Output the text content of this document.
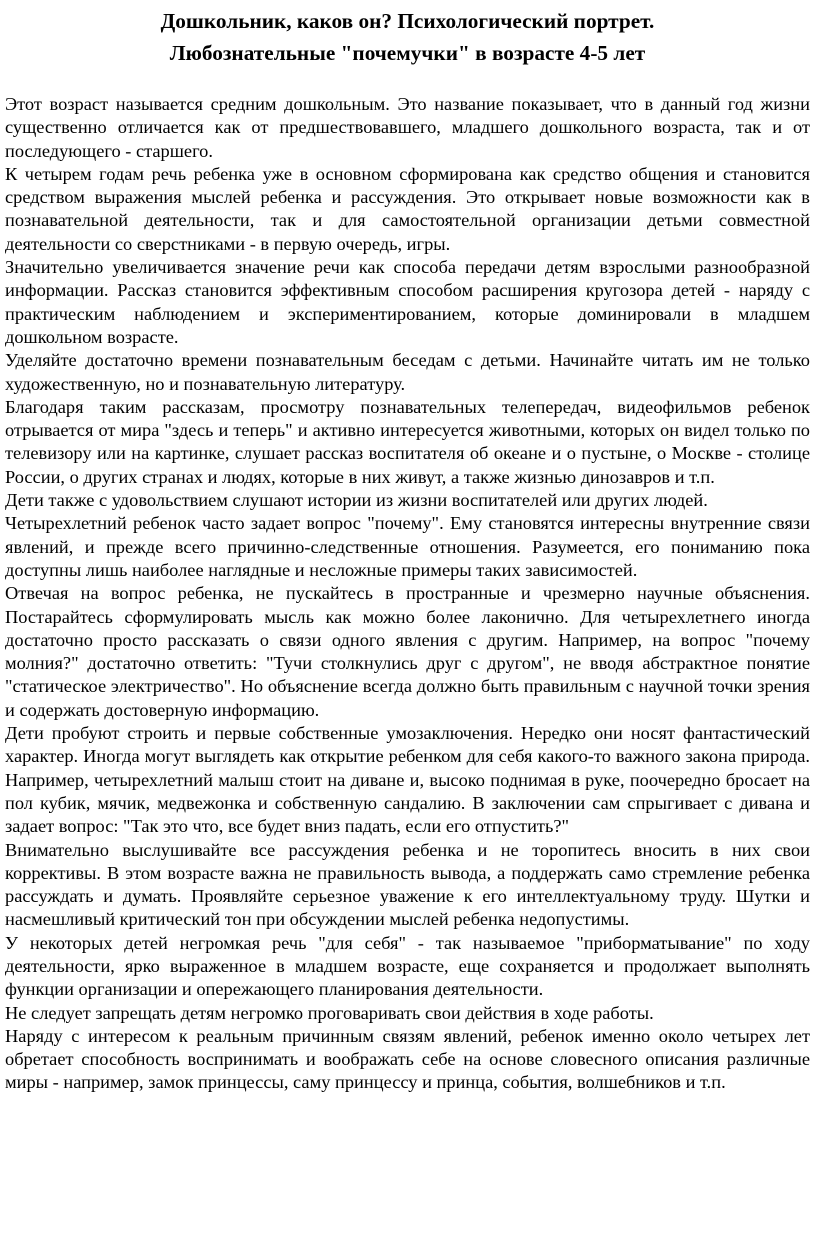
Дошкольник, каков он? Психологический портрет.
Любознательные "почемучки" в возрасте 4-5 лет

Этот возраст называется средним дошкольным. Это название показывает, что в данный год жизни существенно отличается как от предшествовавшего, младшего дошкольного возраста, так и от последующего - старшего.

К четырем годам речь ребенка уже в основном сформирована как средство общения и становится средством выражения мыслей ребенка и рассуждения. Это открывает новые возможности как в познавательной деятельности, так и для самостоятельной организации детьми совместной деятельности со сверстниками - в первую очередь, игры.

Значительно увеличивается значение речи как способа передачи детям взрослыми разнообразной информации. Рассказ становится эффективным способом расширения кругозора детей - наряду с практическим наблюдением и экспериментированием, которые доминировали в младшем дошкольном возрасте.

Уделяйте достаточно времени познавательным беседам с детьми. Начинайте читать им не только художественную, но и познавательную литературу.

Благодаря таким рассказам, просмотру познавательных телепередач, видеофильмов ребенок отрывается от мира "здесь и теперь" и активно интересуется животными, которых он видел только по телевизору или на картинке, слушает рассказ воспитателя об океане и о пустыне, о Москве - столице России, о других странах и людях, которые в них живут, а также жизнью динозавров и т.п.

Дети также с удовольствием слушают истории из жизни воспитателей или других людей.

Четырехлетний ребенок часто задает вопрос "почему". Ему становятся интересны внутренние связи явлений, и прежде всего причинно-следственные отношения. Разумеется, его пониманию пока доступны лишь наиболее наглядные и несложные примеры таких зависимостей.

Отвечая на вопрос ребенка, не пускайтесь в пространные и чрезмерно научные объяснения. Постарайтесь сформулировать мысль как можно более лаконично. Для четырехлетнего иногда достаточно просто рассказать о связи одного явления с другим. Например, на вопрос "почему молния?" достаточно ответить: "Тучи столкнулись друг с другом", не вводя абстрактное понятие "статическое электричество". Но объяснение всегда должно быть правильным с научной точки зрения и содержать достоверную информацию.

Дети пробуют строить и первые собственные умозаключения. Нередко они носят фантастический характер. Иногда могут выглядеть как открытие ребенком для себя какого-то важного закона природа. Например, четырехлетний малыш стоит на диване и, высоко поднимая в руке, поочередно бросает на пол кубик, мячик, медвежонка и собственную сандалию. В заключении сам спрыгивает с дивана и задает вопрос: "Так это что, все будет вниз падать, если его отпустить?"

Внимательно выслушивайте все рассуждения ребенка и не торопитесь вносить в них свои коррективы. В этом возрасте важна не правильность вывода, а поддержать само стремление ребенка рассуждать и думать. Проявляйте серьезное уважение к его интеллектуальному труду. Шутки и насмешливый критический тон при обсуждении мыслей ребенка недопустимы.

У некоторых детей негромкая речь "для себя" - так называемое "приборматывание" по ходу деятельности, ярко выраженное в младшем возрасте, еще сохраняется и продолжает выполнять функции организации и опережающего планирования деятельности.

Не следует запрещать детям негромко проговаривать свои действия в ходе работы.

Наряду с интересом к реальным причинным связям явлений, ребенок именно около четырех лет обретает способность воспринимать и воображать себе на основе словесного описания различные миры - например, замок принцессы, саму принцессу и принца, события, волшебников и т.п.
